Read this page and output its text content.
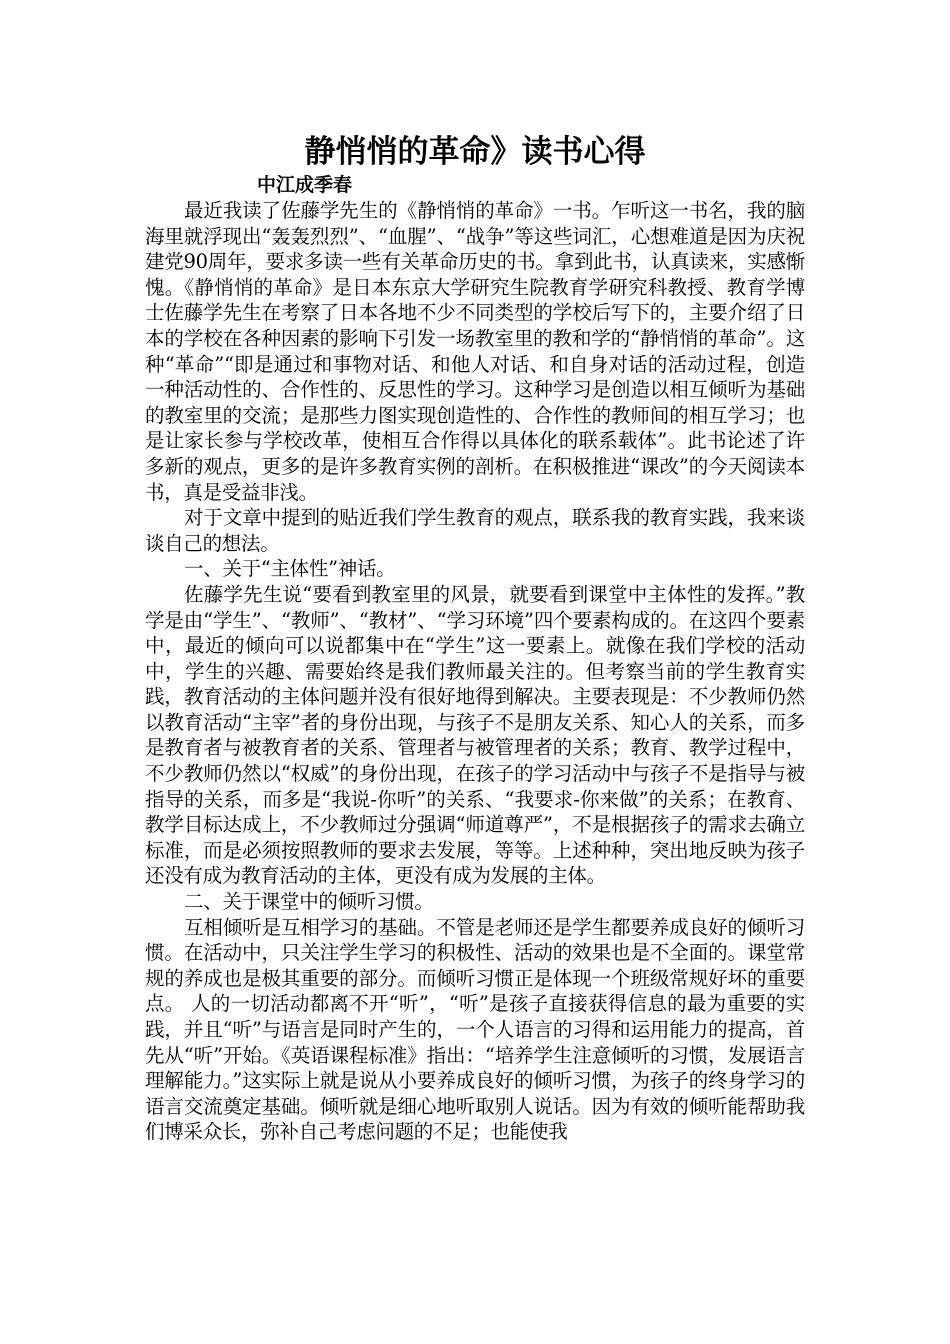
静悄悄的革命》读书心得
中江成季春

最近我读了佐藤学先生的《静悄悄的革命》一书。乍听这一书名，我的脑海里就浮现出“轰轰烈烈”、“血腥”、“战争”等这些词汇，心想难道是因为庆祝建党90周年，要求多读一些有关革命历史的书。拿到此书，认真读来，实感惭愧。《静悄悄的革命》是日本东京大学研究生院教育学研究科教授、教育学博士佐藤学先生在考察了日本各地不少不同类型的学校后写下的，主要介绍了日本的学校在各种因素的影响下引发一场教室里的教和学的“静悄悄的革命”。这种“革命”“即是通过和事物对话、和他人对话、和自身对话的活动过程，创造一种活动性的、合作性的、反思性的学习。这种学习是创造以相互倾听为基础的教室里的交流；是那些力图实现创造性的、合作性的教师间的相互学习；也是让家长参与学校改革，使相互合作得以具体化的联系载体”。此书论述了许多新的观点，更多的是许多教育实例的剖析。在积极推进“课改”的今天阅读本书，真是受益非浅。

对于文章中提到的贴近我们学生教育的观点，联系我的教育实践，我来谈谈自己的想法。

一、关于“主体性”神话。

佐藤学先生说“要看到教室里的风景，就要看到课堂中主体性的发挥。”教学是由“学生”、“教师”、“教材”、“学习环境”四个要素构成的。在这四个要素中，最近的倾向可以说都集中在“学生”这一要素上。就像在我们学校的活动中，学生的兴趣、需要始终是我们教师最关注的。但考察当前的学生教育实践，教育活动的主体问题并没有很好地得到解决。主要表现是：不少教师仍然以教育活动“主宰”者的身份出现，与孩子不是朋友关系、知心人的关系，而多是教育者与被教育者的关系、管理者与被管理者的关系；教育、教学过程中，不少教师仍然以“权威”的身份出现，在孩子的学习活动中与孩子不是指导与被指导的关系，而多是“我说-你听”的关系、“我要求-你来做”的关系；在教育、教学目标达成上，不少教师过分强调“师道尊严”，不是根据孩子的需求去确立标准，而是必须按照教师的要求去发展，等等。上述种种，突出地反映为孩子还没有成为教育活动的主体，更没有成为发展的主体。

二、关于课堂中的倾听习惯。

互相倾听是互相学习的基础。不管是老师还是学生都要养成良好的倾听习惯。在活动中，只关注学生学习的积极性、活动的效果也是不全面的。课堂常规的养成也是极其重要的部分。而倾听习惯正是体现一个班级常规好坏的重要点。 人的一切活动都离不开“听”，“听”是孩子直接获得信息的最为重要的实践，并且“听”与语言是同时产生的，一个人语言的习得和运用能力的提高，首先从“听”开始。《英语课程标准》指出：“培养学生注意倾听的习惯，发展语言理解能力。”这实际上就是说从小要养成良好的倾听习惯，为孩子的终身学习的语言交流奠定基础。倾听就是细心地听取别人说话。因为有效的倾听能帮助我们博采众长，弥补自己考虑问题的不足；也能使我
